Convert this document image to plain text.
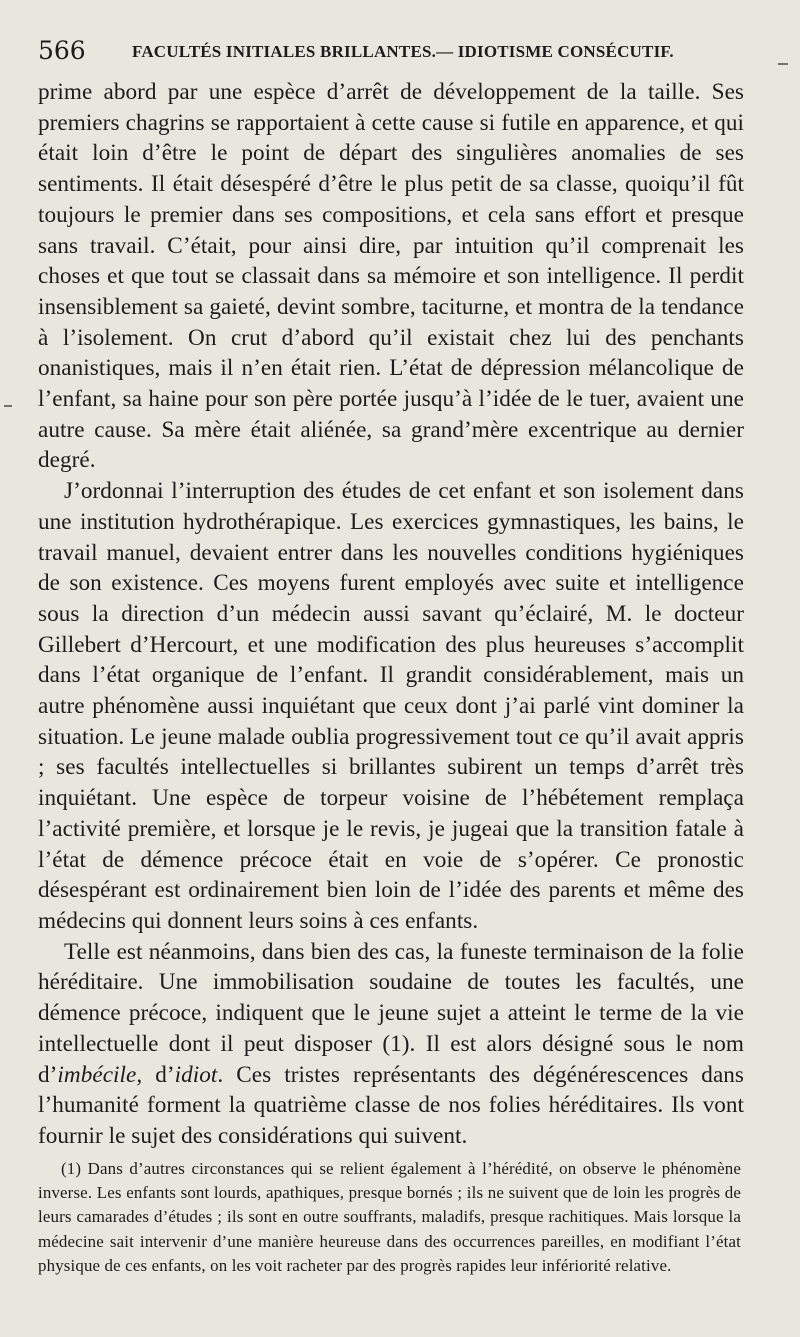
566	FACULTÉS INITIALES BRILLANTES.— IDIOTISME CONSÉCUTIF.

prime abord par une espèce d’arrêt de développement de la taille. Ses premiers chagrins se rapportaient à cette cause si futile en apparence, et qui était loin d’être le point de départ des singulières anomalies de ses sentiments. Il était désespéré d’être le plus petit de sa classe, quoiqu’il fût toujours le premier dans ses compositions, et cela sans effort et presque sans travail. C’était, pour ainsi dire, par intuition qu’il comprenait les choses et que tout se classait dans sa mémoire et son intelligence. Il perdit insensiblement sa gaieté, devint sombre, taciturne, et montra de la tendance à l’isolement. On crut d’abord qu’il existait chez lui des penchants onanistiques, mais il n’en était rien. L’état de dépression mélancolique de l’enfant, sa haine pour son père portée jusqu’à l’idée de le tuer, avaient une autre cause. Sa mère était aliénée, sa grand’mère excentrique au dernier degré.

J’ordonnai l’interruption des études de cet enfant et son isolement dans une institution hydrothérapique. Les exercices gymnastiques, les bains, le travail manuel, devaient entrer dans les nouvelles conditions hygiéniques de son existence. Ces moyens furent employés avec suite et intelligence sous la direction d’un médecin aussi savant qu’éclairé, M. le docteur Gillebert d’Hercourt, et une modification des plus heureuses s’accomplit dans l’état organique de l’enfant. Il grandit considérablement, mais un autre phénomène aussi inquiétant que ceux dont j’ai parlé vint dominer la situation. Le jeune malade oublia progressivement tout ce qu’il avait appris ; ses facultés intellectuelles si brillantes subirent un temps d’arrêt très inquiétant. Une espèce de torpeur voisine de l’hébétement remplaça l’activité première, et lorsque je le revis, je jugeai que la transition fatale à l’état de démence précoce était en voie de s’opérer. Ce pronostic désespérant est ordinairement bien loin de l’idée des parents et même des médecins qui donnent leurs soins à ces enfants.

Telle est néanmoins, dans bien des cas, la funeste terminaison de la folie héréditaire. Une immobilisation soudaine de toutes les facultés, une démence précoce, indiquent que le jeune sujet a atteint le terme de la vie intellectuelle dont il peut disposer (1). Il est alors désigné sous le nom d’imbécile, d’idiot. Ces tristes représentants des dégénérescences dans l’humanité forment la quatrième classe de nos folies héréditaires. Ils vont fournir le sujet des considérations qui suivent.

(1) Dans d’autres circonstances qui se relient également à l’hérédité, on observe le phénomène inverse. Les enfants sont lourds, apathiques, presque bornés ; ils ne suivent que de loin les progrès de leurs camarades d’études ; ils sont en outre souffrants, maladifs, presque rachitiques. Mais lorsque la médecine sait intervenir d’une manière heureuse dans des occurrences pareilles, en modifiant l’état physique de ces enfants, on les voit racheter par des progrès rapides leur infériorité relative.
